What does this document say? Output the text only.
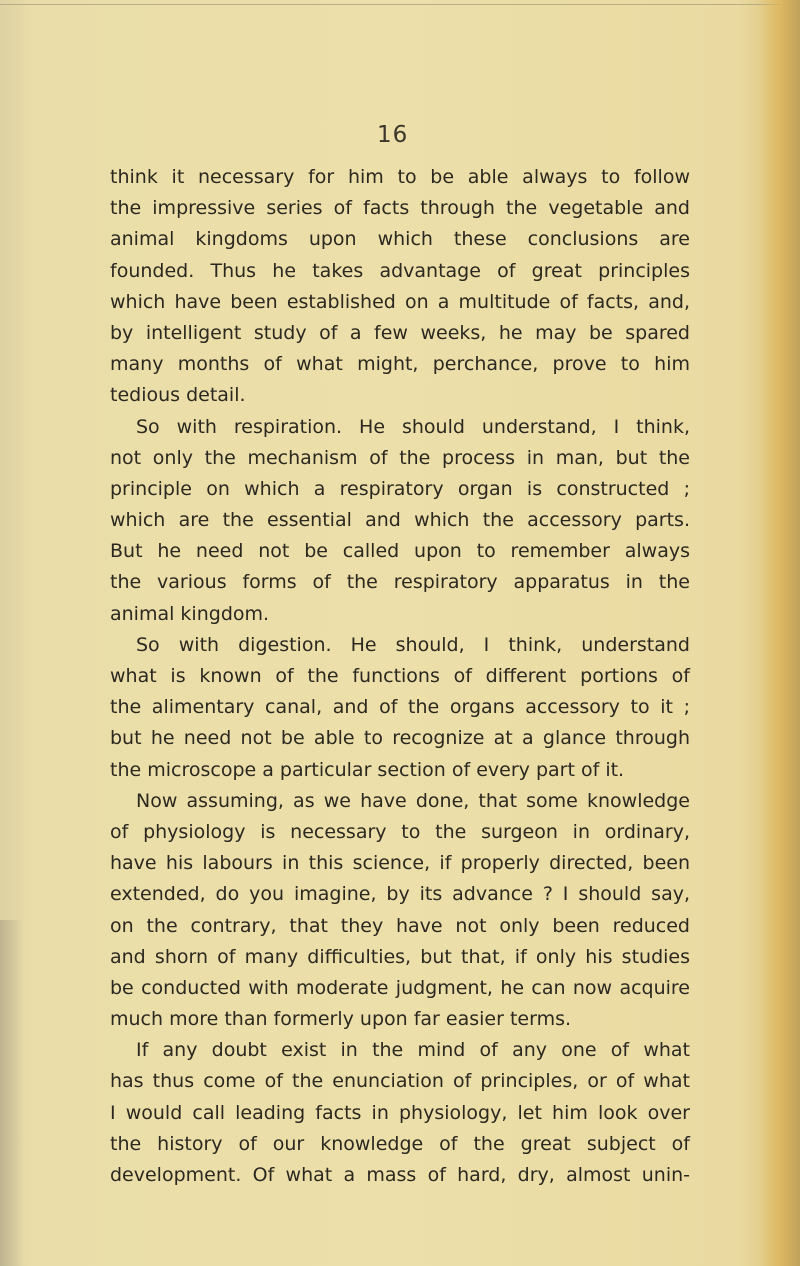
16
think it necessary for him to be able always to follow
the impressive series of facts through the vegetable and
animal kingdoms upon which these conclusions are
founded. Thus he takes advantage of great principles
which have been established on a multitude of facts, and,
by intelligent study of a few weeks, he may be spared
many months of what might, perchance, prove to him
tedious detail.
So with respiration. He should understand, I think,
not only the mechanism of the process in man, but the
principle on which a respiratory organ is constructed ;
which are the essential and which the accessory parts.
But he need not be called upon to remember always
the various forms of the respiratory apparatus in the
animal kingdom.
So with digestion. He should, I think, understand
what is known of the functions of different portions of
the alimentary canal, and of the organs accessory to it ;
but he need not be able to recognize at a glance through
the microscope a particular section of every part of it.
Now assuming, as we have done, that some knowledge
of physiology is necessary to the surgeon in ordinary,
have his labours in this science, if properly directed, been
extended, do you imagine, by its advance ? I should say,
on the contrary, that they have not only been reduced
and shorn of many difficulties, but that, if only his studies
be conducted with moderate judgment, he can now acquire
much more than formerly upon far easier terms.
If any doubt exist in the mind of any one of what
has thus come of the enunciation of principles, or of what
I would call leading facts in physiology, let him look over
the history of our knowledge of the great subject of
development. Of what a mass of hard, dry, almost unin-
